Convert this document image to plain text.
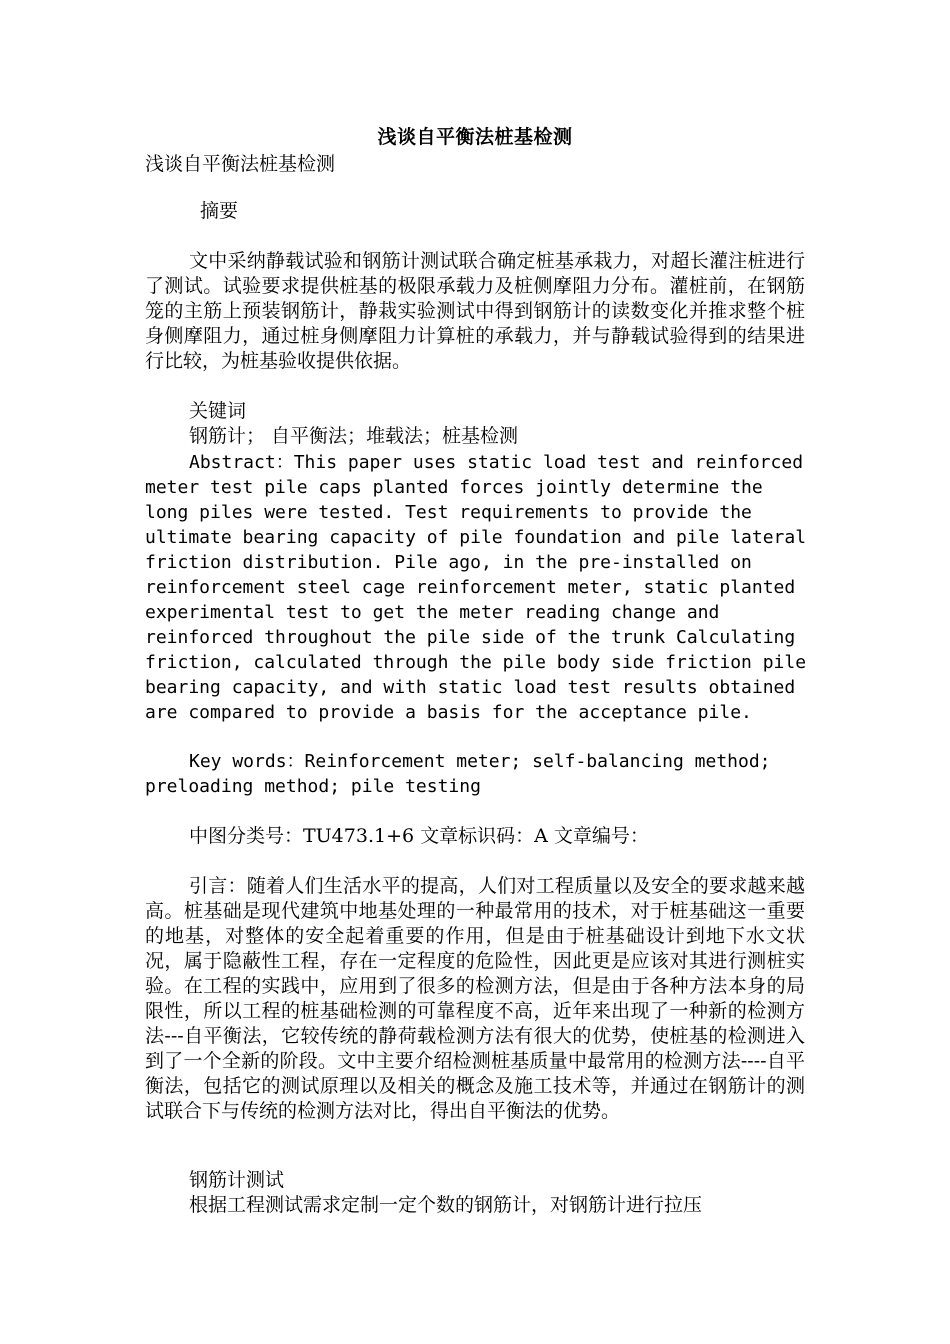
浅谈自平衡法桩基检测
浅谈自平衡法桩基检测
摘要
文中采纳静载试验和钢筋计测试联合确定桩基承栽力，对超长灌注桩进行了测试。试验要求提供桩基的极限承载力及桩侧摩阻力分布。灌桩前，在钢筋笼的主筋上预装钢筋计，静栽实验测试中得到钢筋计的读数变化并推求整个桩身侧摩阻力，通过桩身侧摩阻力计算桩的承载力，并与静载试验得到的结果进行比较，为桩基验收提供依据。
关键词
钢筋计； 自平衡法；堆载法；桩基检测
Abstract：This paper uses static load test and reinforced meter test pile caps planted forces jointly determine the long piles were tested. Test requirements to provide the ultimate bearing capacity of pile foundation and pile lateral friction distribution. Pile ago, in the pre-installed on reinforcement steel cage reinforcement meter, static planted experimental test to get the meter reading change and reinforced throughout the pile side of the trunk Calculating friction, calculated through the pile body side friction pile bearing capacity, and with static load test results obtained are compared to provide a basis for the acceptance pile.
Key words：Reinforcement meter; self-balancing method; preloading method; pile testing
中图分类号：TU473.1+6 文章标识码：A 文章编号：
引言：随着人们生活水平的提高，人们对工程质量以及安全的要求越来越高。桩基础是现代建筑中地基处理的一种最常用的技术，对于桩基础这一重要的地基，对整体的安全起着重要的作用，但是由于桩基础设计到地下水文状况，属于隐蔽性工程，存在一定程度的危险性，因此更是应该对其进行测桩实验。在工程的实践中，应用到了很多的检测方法，但是由于各种方法本身的局限性，所以工程的桩基础检测的可靠程度不高，近年来出现了一种新的检测方法---自平衡法，它较传统的静荷载检测方法有很大的优势，使桩基的检测进入到了一个全新的阶段。文中主要介绍检测桩基质量中最常用的检测方法----自平衡法，包括它的测试原理以及相关的概念及施工技术等，并通过在钢筋计的测试联合下与传统的检测方法对比，得出自平衡法的优势。
钢筋计测试
根据工程测试需求定制一定个数的钢筋计，对钢筋计进行拉压
